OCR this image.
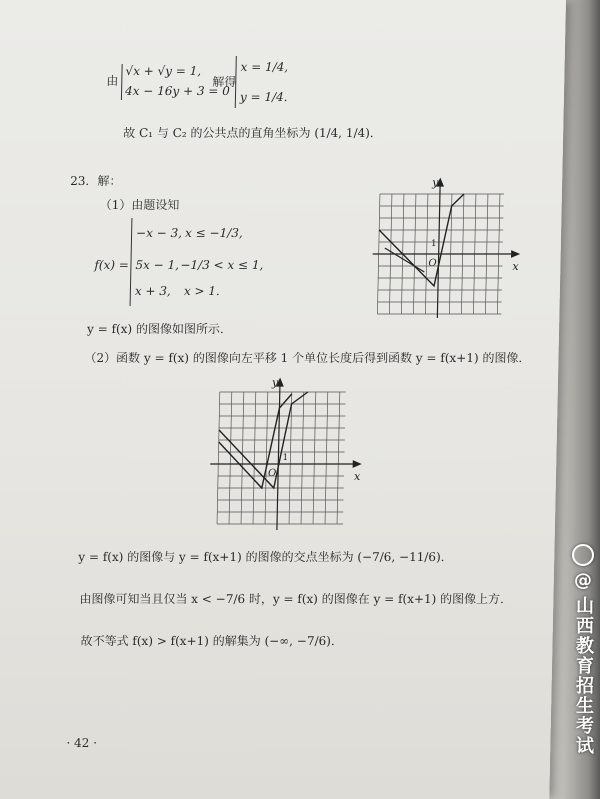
由
√x + √y = 1,
4x − 16y + 3 = 0
解得
x = 1/4,
y = 1/4.
故 C₁ 与 C₂ 的公共点的直角坐标为 (1/4, 1/4).
23．解：
（1）由题设知
f(x) =
−x − 3, x ≤ −1/3,
5x − 1, −1/3 < x ≤ 1,
x + 3, x > 1.
y = f(x) 的图像如图所示.
（2）函数 y = f(x) 的图像向左平移 1 个单位长度后得到函数 y = f(x+1) 的图像.
y
x
O
1
y
x
O
1
y = f(x) 的图像与 y = f(x+1) 的图像的交点坐标为 (−7/6, −11/6).
由图像可知当且仅当 x < −7/6 时，y = f(x) 的图像在 y = f(x+1) 的图像上方.
故不等式 f(x) > f(x+1) 的解集为 (−∞, −7/6).
· 42 ·
@
山西教育招生考试
